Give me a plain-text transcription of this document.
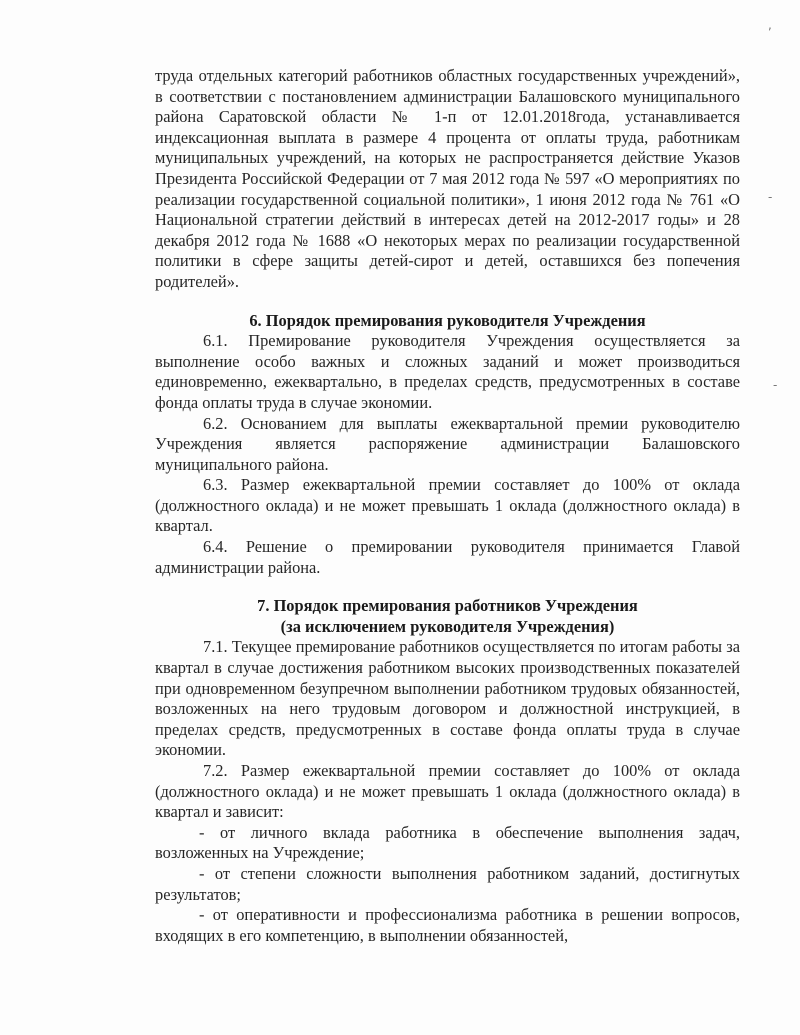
,
-
-

труда отдельных категорий работников областных государственных учреждений», в соответствии с постановлением администрации Балашовского муниципального района Саратовской области № 1-п от 12.01.2018года, устанавливается индексационная выплата в размере 4 процента от оплаты труда, работникам муниципальных учреждений, на которых не распространяется действие Указов Президента Российской Федерации от 7 мая 2012 года № 597 «О мероприятиях по реализации государственной социальной политики», 1 июня 2012 года № 761 «О Национальной стратегии действий в интересах детей на 2012-2017 годы» и 28 декабря 2012 года № 1688 «О некоторых мерах по реализации государственной политики в сфере защиты детей-сирот и детей, оставшихся без попечения родителей».

6. Порядок премирования руководителя Учреждения

6.1. Премирование руководителя Учреждения осуществляется за выполнение особо важных и сложных заданий и может производиться единовременно, ежеквартально, в пределах средств, предусмотренных в составе фонда оплаты труда в случае экономии.

6.2. Основанием для выплаты ежеквартальной премии руководителю Учреждения является распоряжение администрации Балашовского муниципального района.

6.3. Размер ежеквартальной премии составляет до 100% от оклада (должностного оклада) и не может превышать 1 оклада (должностного оклада) в квартал.

6.4. Решение о премировании руководителя принимается Главой администрации района.

7. Порядок премирования работников Учреждения
(за исключением руководителя Учреждения)

7.1. Текущее премирование работников осуществляется по итогам работы за квартал в случае достижения работником высоких производственных показателей при одновременном безупречном выполнении работником трудовых обязанностей, возложенных на него трудовым договором и должностной инструкцией, в пределах средств, предусмотренных в составе фонда оплаты труда в случае экономии.

7.2. Размер ежеквартальной премии составляет до 100% от оклада (должностного оклада) и не может превышать 1 оклада (должностного оклада) в квартал и зависит:

- от личного вклада работника в обеспечение выполнения задач, возложенных на Учреждение;

- от степени сложности выполнения работником заданий, достигнутых результатов;

- от оперативности и профессионализма работника в решении вопросов, входящих в его компетенцию, в выполнении обязанностей,
